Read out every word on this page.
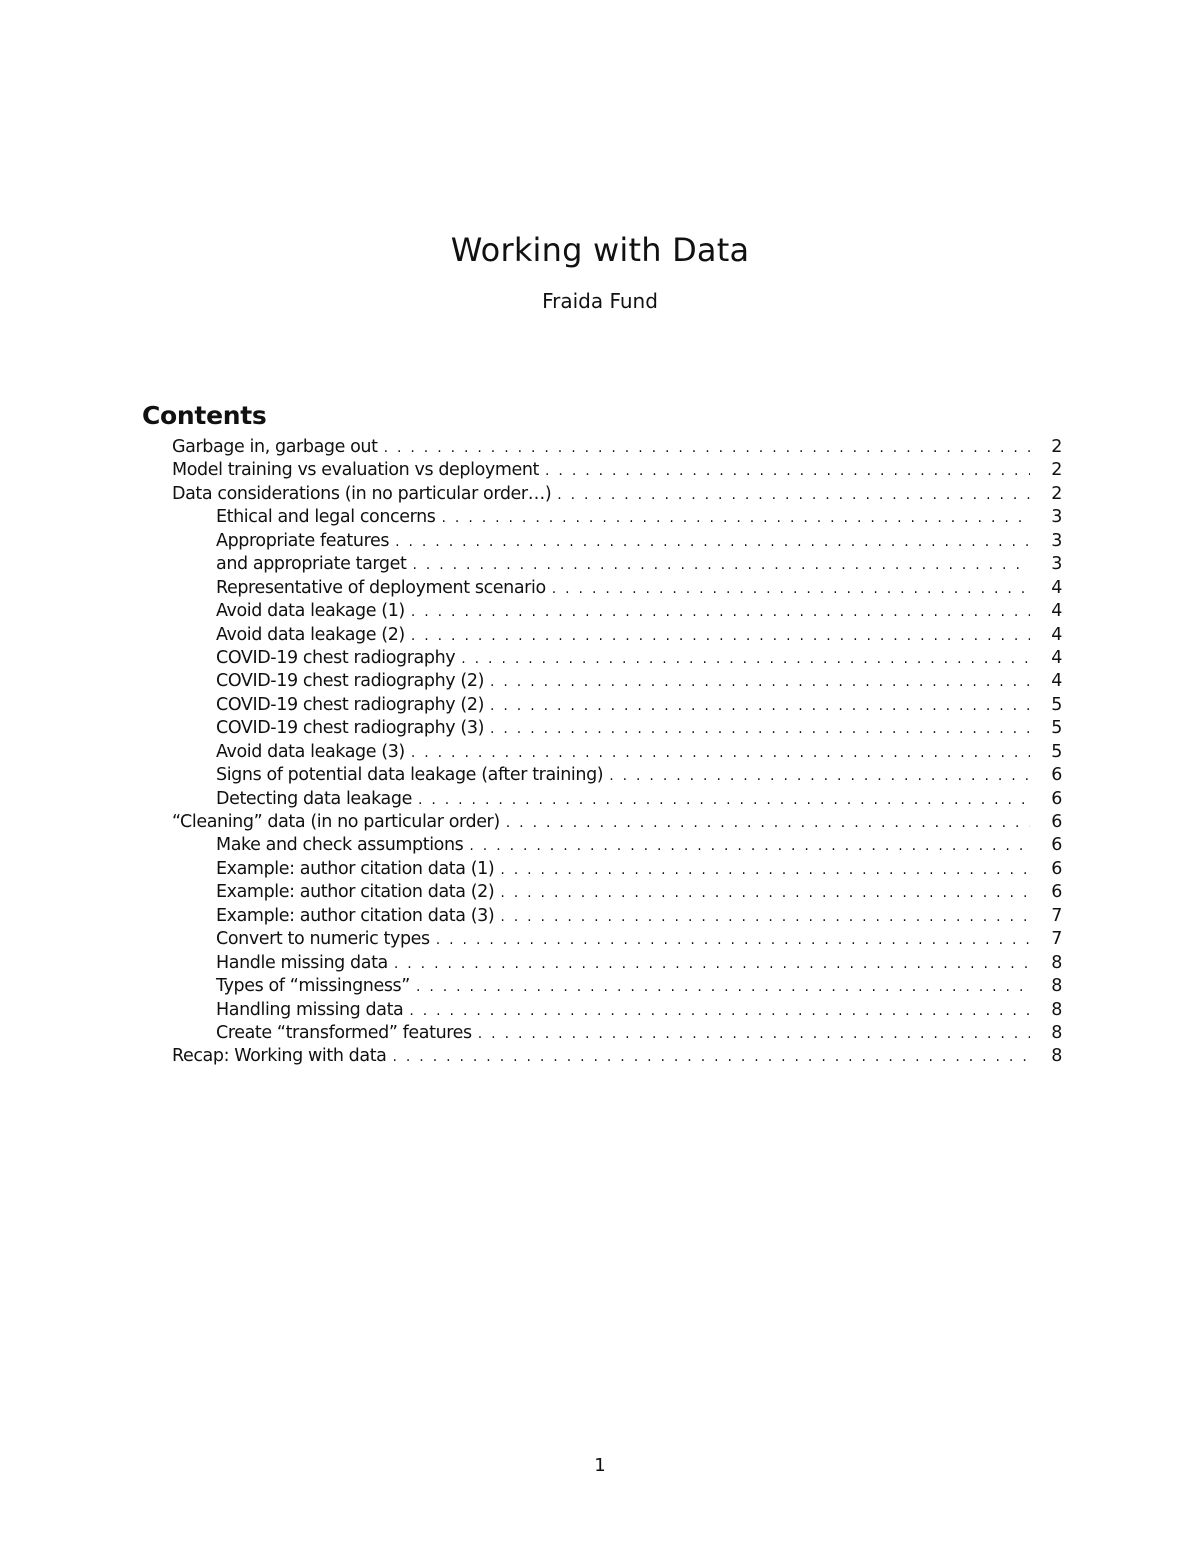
Working with Data
Fraida Fund
Contents
Garbage in, garbage out . . .	2
Model training vs evaluation vs deployment . . .	2
Data considerations (in no particular order…) . . .	2
Ethical and legal concerns . . .	3
Appropriate features . . .	3
and appropriate target . . .	3
Representative of deployment scenario . . .	4
Avoid data leakage (1) . . .	4
Avoid data leakage (2) . . .	4
COVID-19 chest radiography . . .	4
COVID-19 chest radiography (2) . . .	4
COVID-19 chest radiography (2) . . .	5
COVID-19 chest radiography (3) . . .	5
Avoid data leakage (3) . . .	5
Signs of potential data leakage (after training) . . .	6
Detecting data leakage . . .	6
“Cleaning” data (in no particular order) . . .	6
Make and check assumptions . . .	6
Example: author citation data (1) . . .	6
Example: author citation data (2) . . .	6
Example: author citation data (3) . . .	7
Convert to numeric types . . .	7
Handle missing data . . .	8
Types of “missingness” . . .	8
Handling missing data . . .	8
Create “transformed” features . . .	8
Recap: Working with data . . .	8
1
